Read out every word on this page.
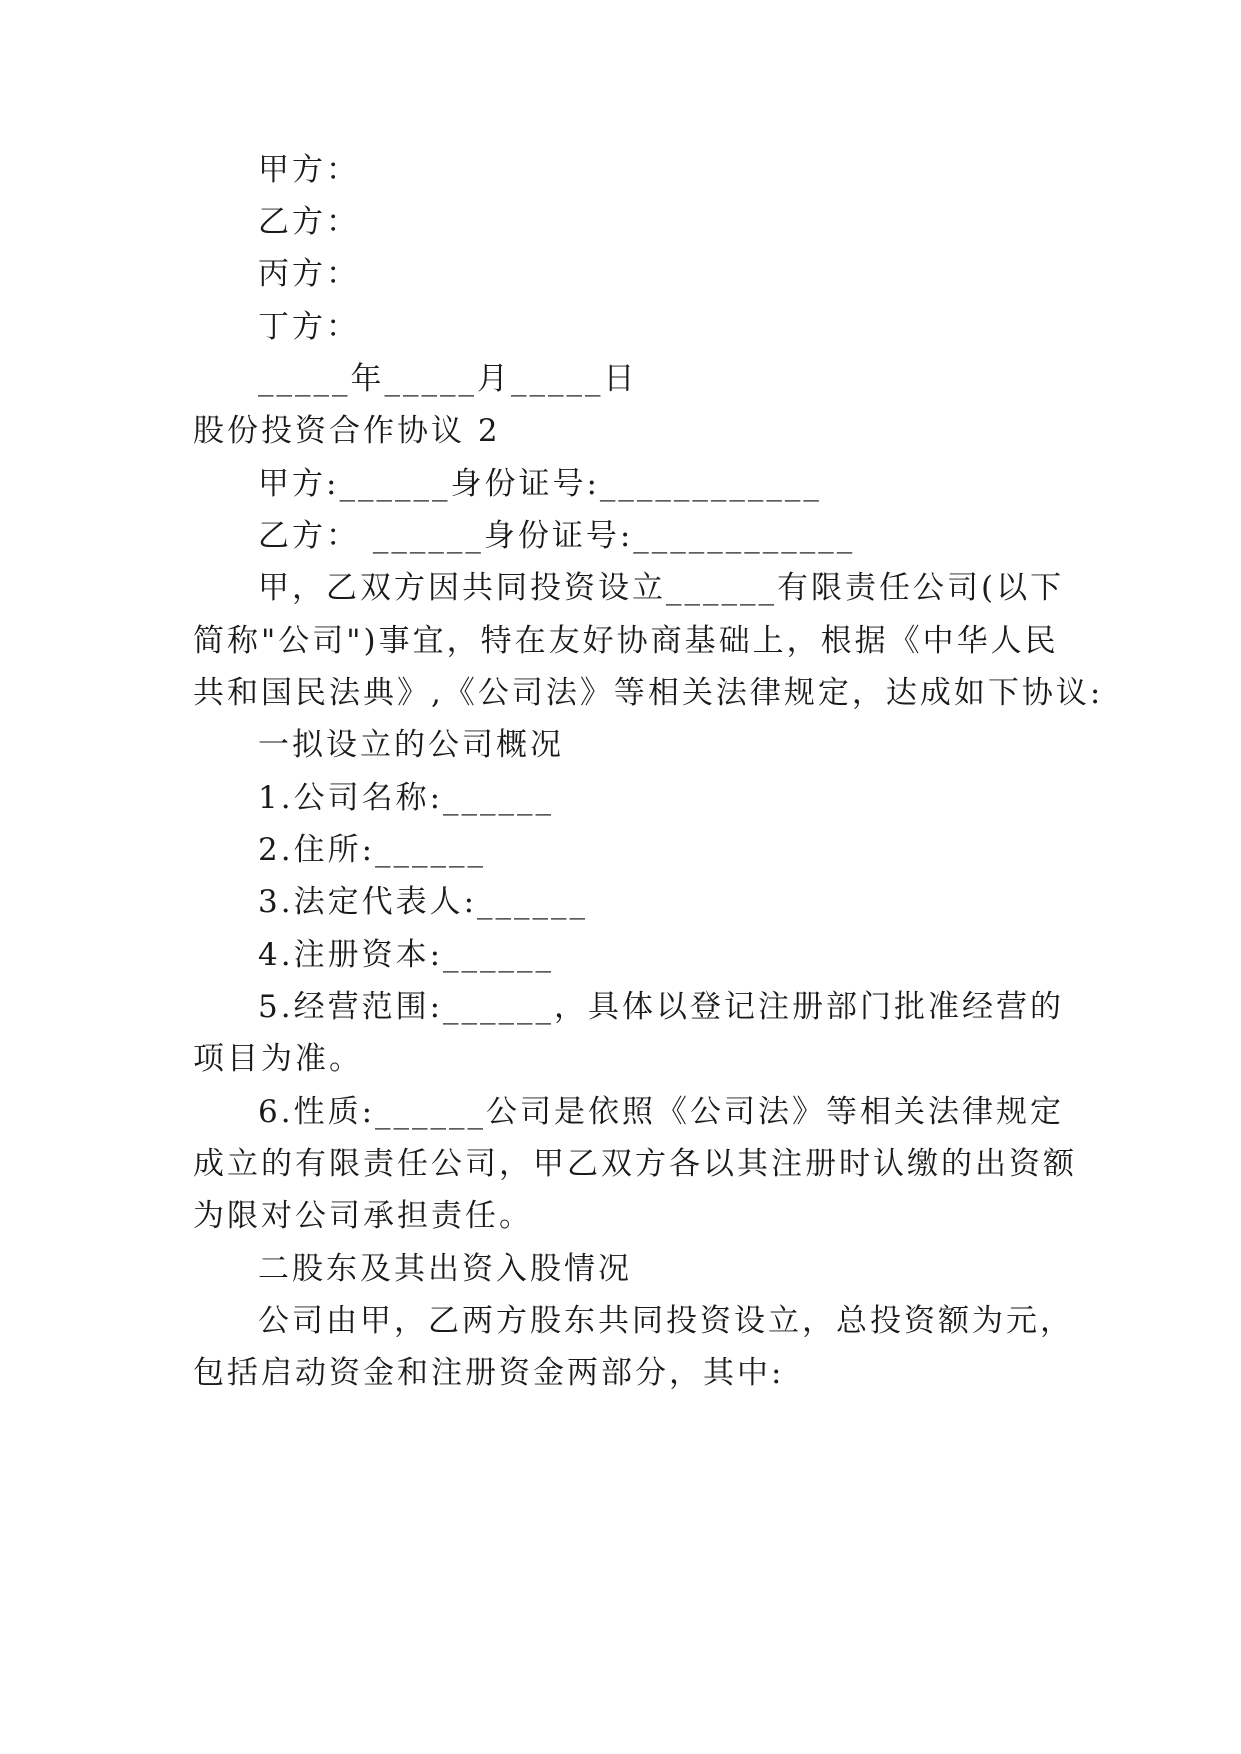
甲方：

乙方：

丙方：

丁方：

_____年_____月_____日

股份投资合作协议 2

甲方:______身份证号:____________

乙方： ______身份证号:____________

甲，乙双方因共同投资设立______有限责任公司(以下

简称"公司")事宜，特在友好协商基础上，根据《中华人民

共和国民法典》,《公司法》等相关法律规定，达成如下协议:

一拟设立的公司概况

1.公司名称:______

2.住所:______

3.法定代表人:______

4.注册资本:______

5.经营范围:______，具体以登记注册部门批准经营的

项目为准。

6.性质:______公司是依照《公司法》等相关法律规定

成立的有限责任公司，甲乙双方各以其注册时认缴的出资额

为限对公司承担责任。

二股东及其出资入股情况

公司由甲，乙两方股东共同投资设立，总投资额为元，

包括启动资金和注册资金两部分，其中:
